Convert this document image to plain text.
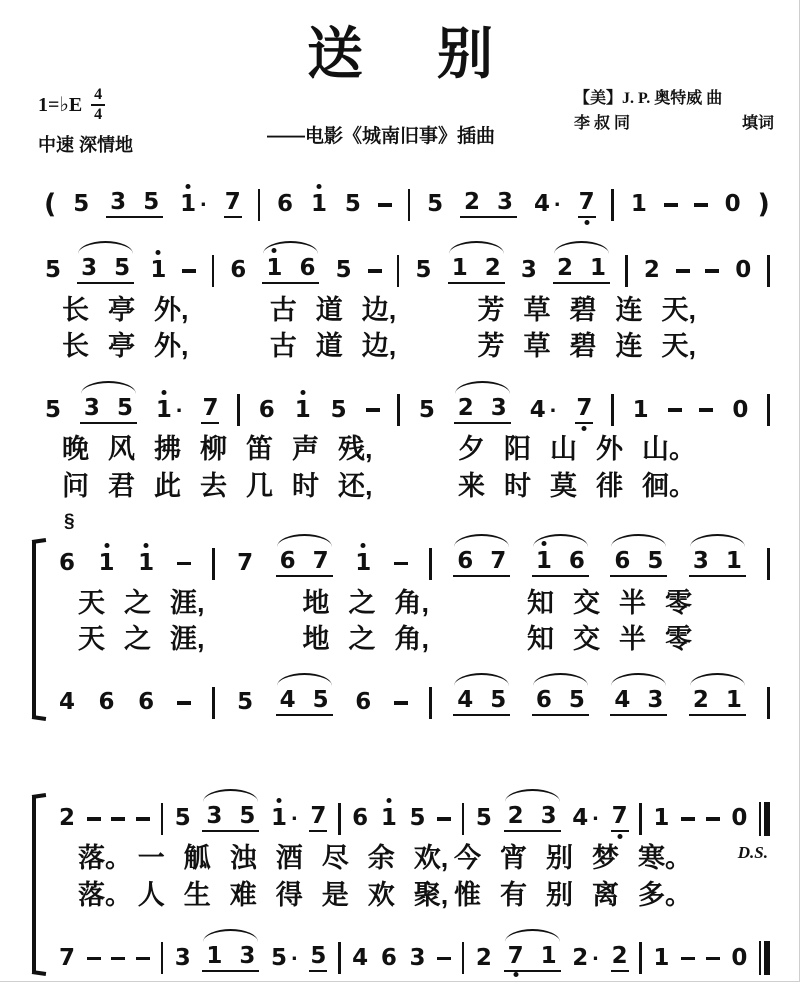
送 别
1=♭E $\frac{4}{4}$
中速 深情地	——电影《城南旧事》插曲
【美】J. P. 奥特威 曲
李 叔 同	填词
( 5 3 5 1 · 7 6 1 5	5 2 3 4 · 7 1	0 )
5 3 5 1	6 1 6 5	5 1 2 3 2 1 2	0
长 亭 外,	古 道 边,	芳 草 碧 连 天,
长 亭 外,	古 道 边,	芳 草 碧 连 天,
5 3 5 1 · 7 6 1 5	5 2 3 4 · 7 1	0
晚 风 拂 柳 笛 声 残,	夕 阳 山 外 山。
问 君 此 去 几 时 还,	来 时 莫 徘 徊。
§
6 1 1	7 6 7 1	6 7 1 6 6 5 3 1
天 之 涯,	地 之 角,	知 交 半 零
天 之 涯,	地 之 角,	知 交 半 零
4 6 6	5 4 5 6	4 5 6 5 4 3 2 1
2	5 3 5 1 · 7 6 1 5 5 2 3 4 · 7 1	0
D.S.
落。 一 觚 浊 酒 尽 余 欢, 今 宵 别 梦 寒。
落。 人 生 难 得 是 欢 聚, 惟 有 别 离 多。
7	3 1 3 5 · 5 4 6 3 2 7 1 2 · 2 1	0
